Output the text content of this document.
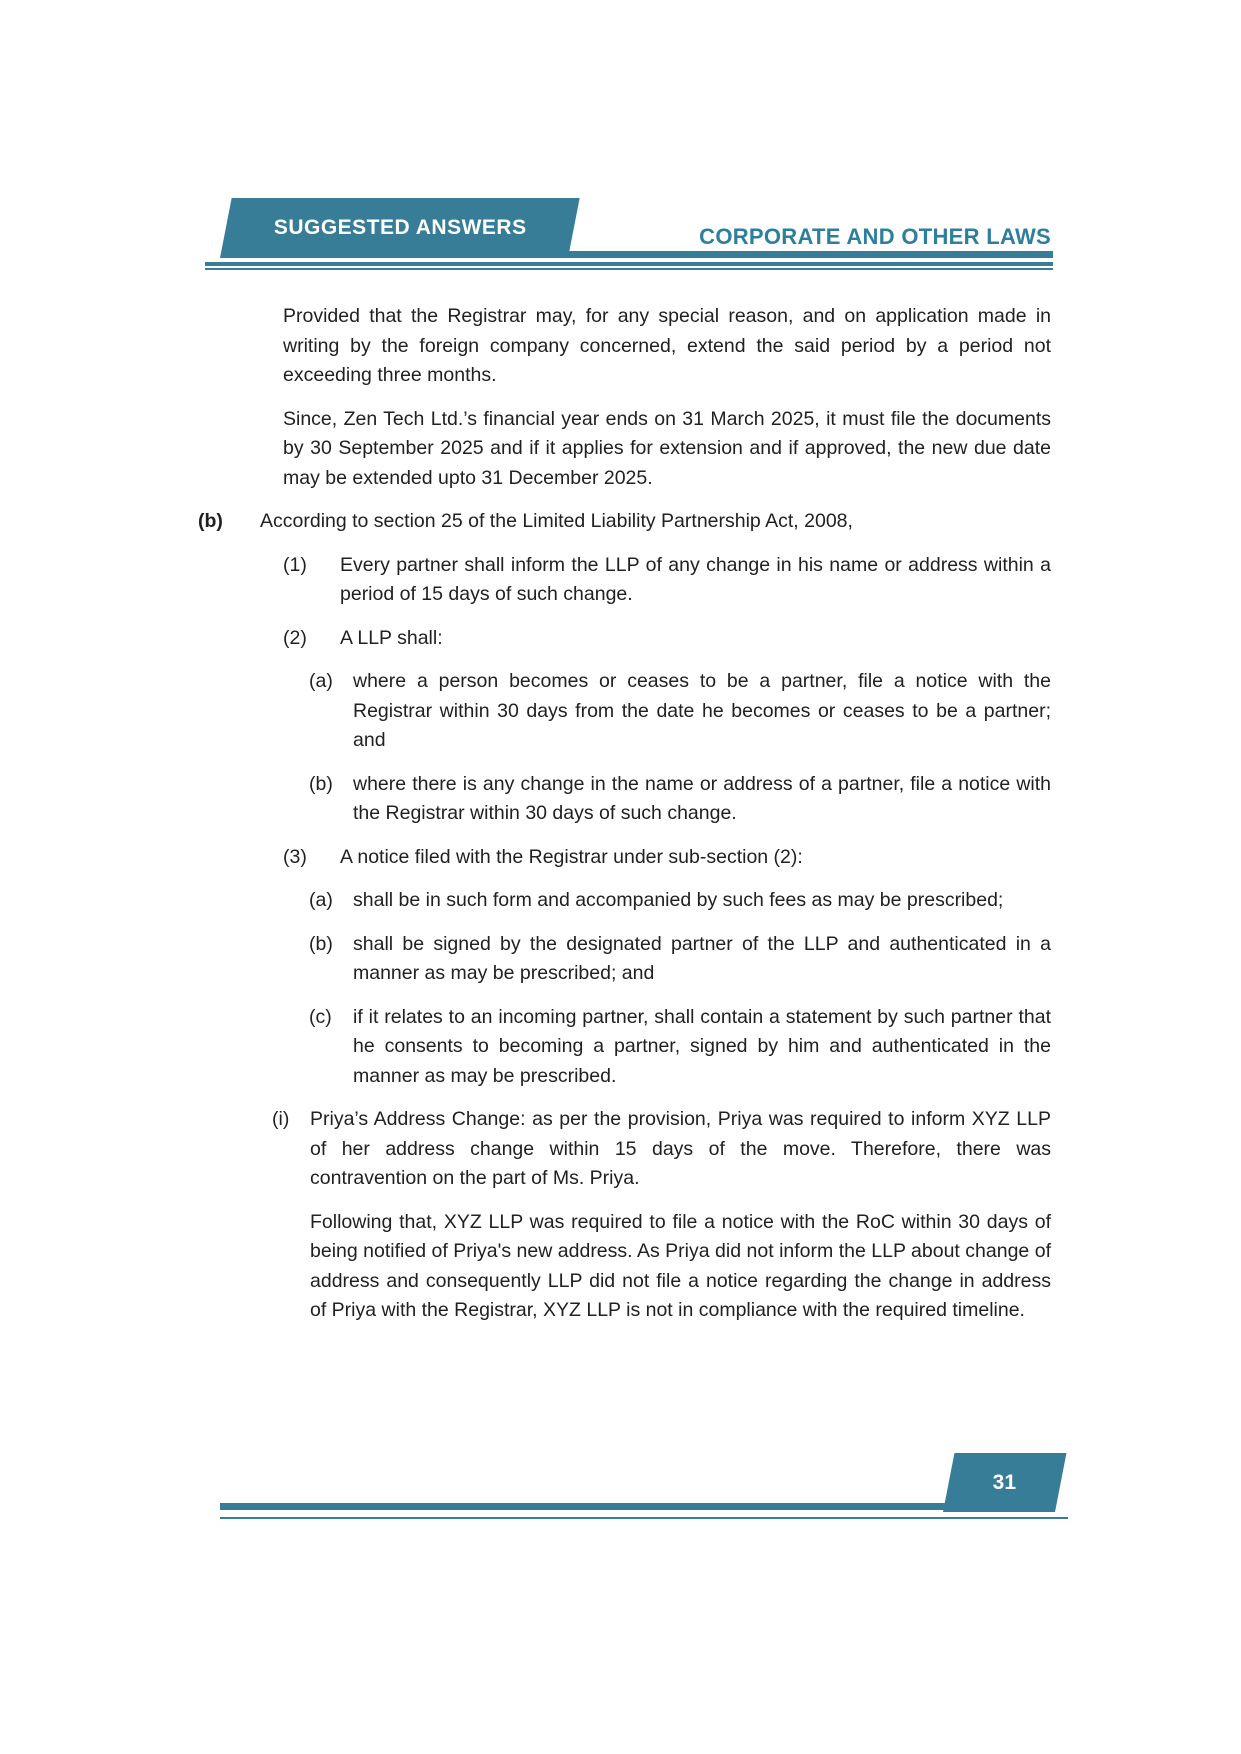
SUGGESTED ANSWERS	CORPORATE AND OTHER LAWS

Provided that the Registrar may, for any special reason, and on application made in writing by the foreign company concerned, extend the said period by a period not exceeding three months.

Since, Zen Tech Ltd.’s financial year ends on 31 March 2025, it must file the documents by 30 September 2025 and if it applies for extension and if approved, the new due date may be extended upto 31 December 2025.

(b) According to section 25 of the Limited Liability Partnership Act, 2008,

(1) Every partner shall inform the LLP of any change in his name or address within a period of 15 days of such change.

(2) A LLP shall:

(a) where a person becomes or ceases to be a partner, file a notice with the Registrar within 30 days from the date he becomes or ceases to be a partner; and

(b) where there is any change in the name or address of a partner, file a notice with the Registrar within 30 days of such change.

(3) A notice filed with the Registrar under sub-section (2):

(a) shall be in such form and accompanied by such fees as may be prescribed;

(b) shall be signed by the designated partner of the LLP and authenticated in a manner as may be prescribed; and

(c) if it relates to an incoming partner, shall contain a statement by such partner that he consents to becoming a partner, signed by him and authenticated in the manner as may be prescribed.

(i) Priya’s Address Change: as per the provision, Priya was required to inform XYZ LLP of her address change within 15 days of the move. Therefore, there was contravention on the part of Ms. Priya.

Following that, XYZ LLP was required to file a notice with the RoC within 30 days of being notified of Priya's new address. As Priya did not inform the LLP about change of address and consequently LLP did not file a notice regarding the change in address of Priya with the Registrar, XYZ LLP is not in compliance with the required timeline.

31
